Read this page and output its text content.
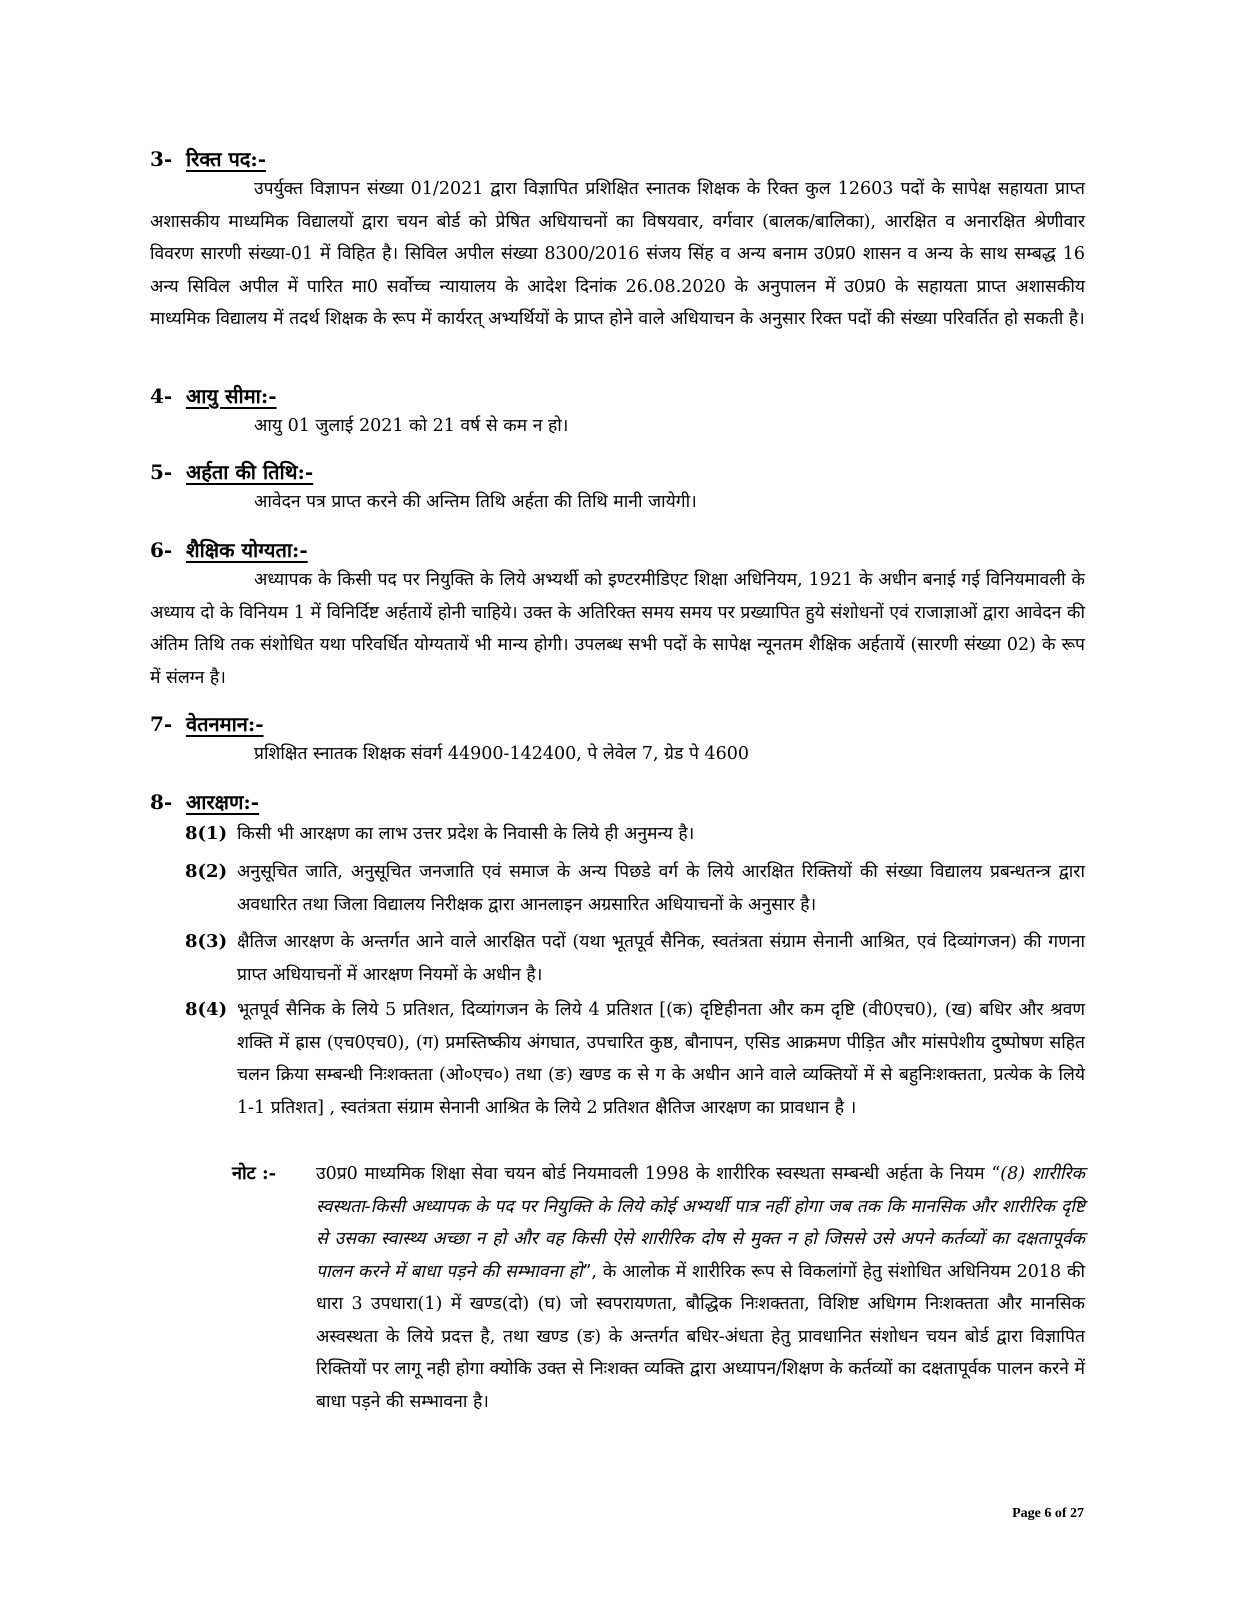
3- रिक्त पद:-

उपर्युक्त विज्ञापन संख्या 01/2021 द्वारा विज्ञापित प्रशिक्षित स्नातक शिक्षक के रिक्त कुल 12603 पदों के सापेक्ष सहायता प्राप्त अशासकीय माध्यमिक विद्यालयों द्वारा चयन बोर्ड को प्रेषित अधियाचनों का विषयवार, वर्गवार (बालक/बालिका), आरक्षित व अनारक्षित श्रेणीवार विवरण सारणी संख्या-01 में विहित है। सिविल अपील संख्या 8300/2016 संजय सिंह व अन्य बनाम उ0प्र0 शासन व अन्य के साथ सम्बद्ध 16 अन्य सिविल अपील में पारित मा0 सर्वोच्च न्यायालय के आदेश दिनांक 26.08.2020 के अनुपालन में उ0प्र0 के सहायता प्राप्त अशासकीय माध्यमिक विद्यालय में तदर्थ शिक्षक के रूप में कार्यरत् अभ्यर्थियों के प्राप्त होने वाले अधियाचन के अनुसार रिक्त पदों की संख्या परिवर्तित हो सकती है।

4- आयु सीमा:-

आयु 01 जुलाई 2021 को 21 वर्ष से कम न हो।

5- अर्हता की तिथि:-

आवेदन पत्र प्राप्त करने की अन्तिम तिथि अर्हता की तिथि मानी जायेगी।

6- शैक्षिक योग्यता:-

अध्यापक के किसी पद पर नियुक्ति के लिये अभ्यर्थी को इण्टरमीडिएट शिक्षा अधिनियम, 1921 के अधीन बनाई गई विनियमावली के अध्याय दो के विनियम 1 में विनिर्दिष्ट अर्हतायें होनी चाहिये। उक्त के अतिरिक्त समय समय पर प्रख्यापित हुये संशोधनों एवं राजाज्ञाओं द्वारा आवेदन की अंतिम तिथि तक संशोधित यथा परिवर्धित योग्यतायें भी मान्य होगी। उपलब्ध सभी पदों के सापेक्ष न्यूनतम शैक्षिक अर्हतायें (सारणी संख्या 02) के रूप में संलग्न है।

7- वेतनमान:-

प्रशिक्षित स्नातक शिक्षक संवर्ग 44900-142400, पे लेवेल 7, ग्रेड पे 4600

8- आरक्षण:-
8(1) किसी भी आरक्षण का लाभ उत्तर प्रदेश के निवासी के लिये ही अनुमन्य है।
8(2) अनुसूचित जाति, अनुसूचित जनजाति एवं समाज के अन्य पिछडे वर्ग के लिये आरक्षित रिक्तियों की संख्या विद्यालय प्रबन्धतन्त्र द्वारा अवधारित तथा जिला विद्यालय निरीक्षक द्वारा आनलाइन अग्रसारित अधियाचनों के अनुसार है।
8(3) क्षैतिज आरक्षण के अन्तर्गत आने वाले आरक्षित पदों (यथा भूतपूर्व सैनिक, स्वतंत्रता संग्राम सेनानी आश्रित, एवं दिव्यांगजन) की गणना प्राप्त अधियाचनों में आरक्षण नियमों के अधीन है।
8(4) भूतपूर्व सैनिक के लिये 5 प्रतिशत, दिव्यांगजन के लिये 4 प्रतिशत [(क) दृष्टिहीनता और कम दृष्टि (वी0एच0), (ख) बधिर और श्रवण शक्ति में ह्रास (एच0एच0), (ग) प्रमस्तिष्कीय अंगघात, उपचारित कुष्ठ, बौनापन, एसिड आक्रमण पीड़ित और मांसपेशीय दुष्पोषण सहित चलन क्रिया सम्बन्धी निःशक्तता (ओ०एच०) तथा (ङ) खण्ड क से ग के अधीन आने वाले व्यक्तियों में से बहुनिःशक्तता, प्रत्येक के लिये 1-1 प्रतिशत] , स्वतंत्रता संग्राम सेनानी आश्रित के लिये 2 प्रतिशत क्षैतिज आरक्षण का प्रावधान है ।
नोट :- उ0प्र0 माध्यमिक शिक्षा सेवा चयन बोर्ड नियमावली 1998 के शारीरिक स्वस्थता सम्बन्धी अर्हता के नियम “(8) शारीरिक स्वस्थता-किसी अध्यापक के पद पर नियुक्ति के लिये कोई अभ्यर्थी पात्र नहीं होगा जब तक कि मानसिक और शारीरिक दृष्टि से उसका स्वास्थ्य अच्छा न हो और वह किसी ऐसे शारीरिक दोष से मुक्त न हो जिससे उसे अपने कर्तव्यों का दक्षतापूर्वक पालन करने में बाधा पड़ने की सम्भावना हो”, के आलोक में शारीरिक रूप से विकलांगों हेतु संशोधित अधिनियम 2018 की धारा 3 उपधारा(1) में खण्ड(दो) (घ) जो स्वपरायणता, बौद्धिक निःशक्तता, विशिष्ट अधिगम निःशक्तता और मानसिक अस्वस्थता के लिये प्रदत्त है, तथा खण्ड (ङ) के अन्तर्गत बधिर-अंधता हेतु प्रावधानित संशोधन चयन बोर्ड द्वारा विज्ञापित रिक्तियों पर लागू नही होगा क्योकि उक्त से निःशक्त व्यक्ति द्वारा अध्यापन/शिक्षण के कर्तव्यों का दक्षतापूर्वक पालन करने में बाधा पड़ने की सम्भावना है।
Page 6 of 27
